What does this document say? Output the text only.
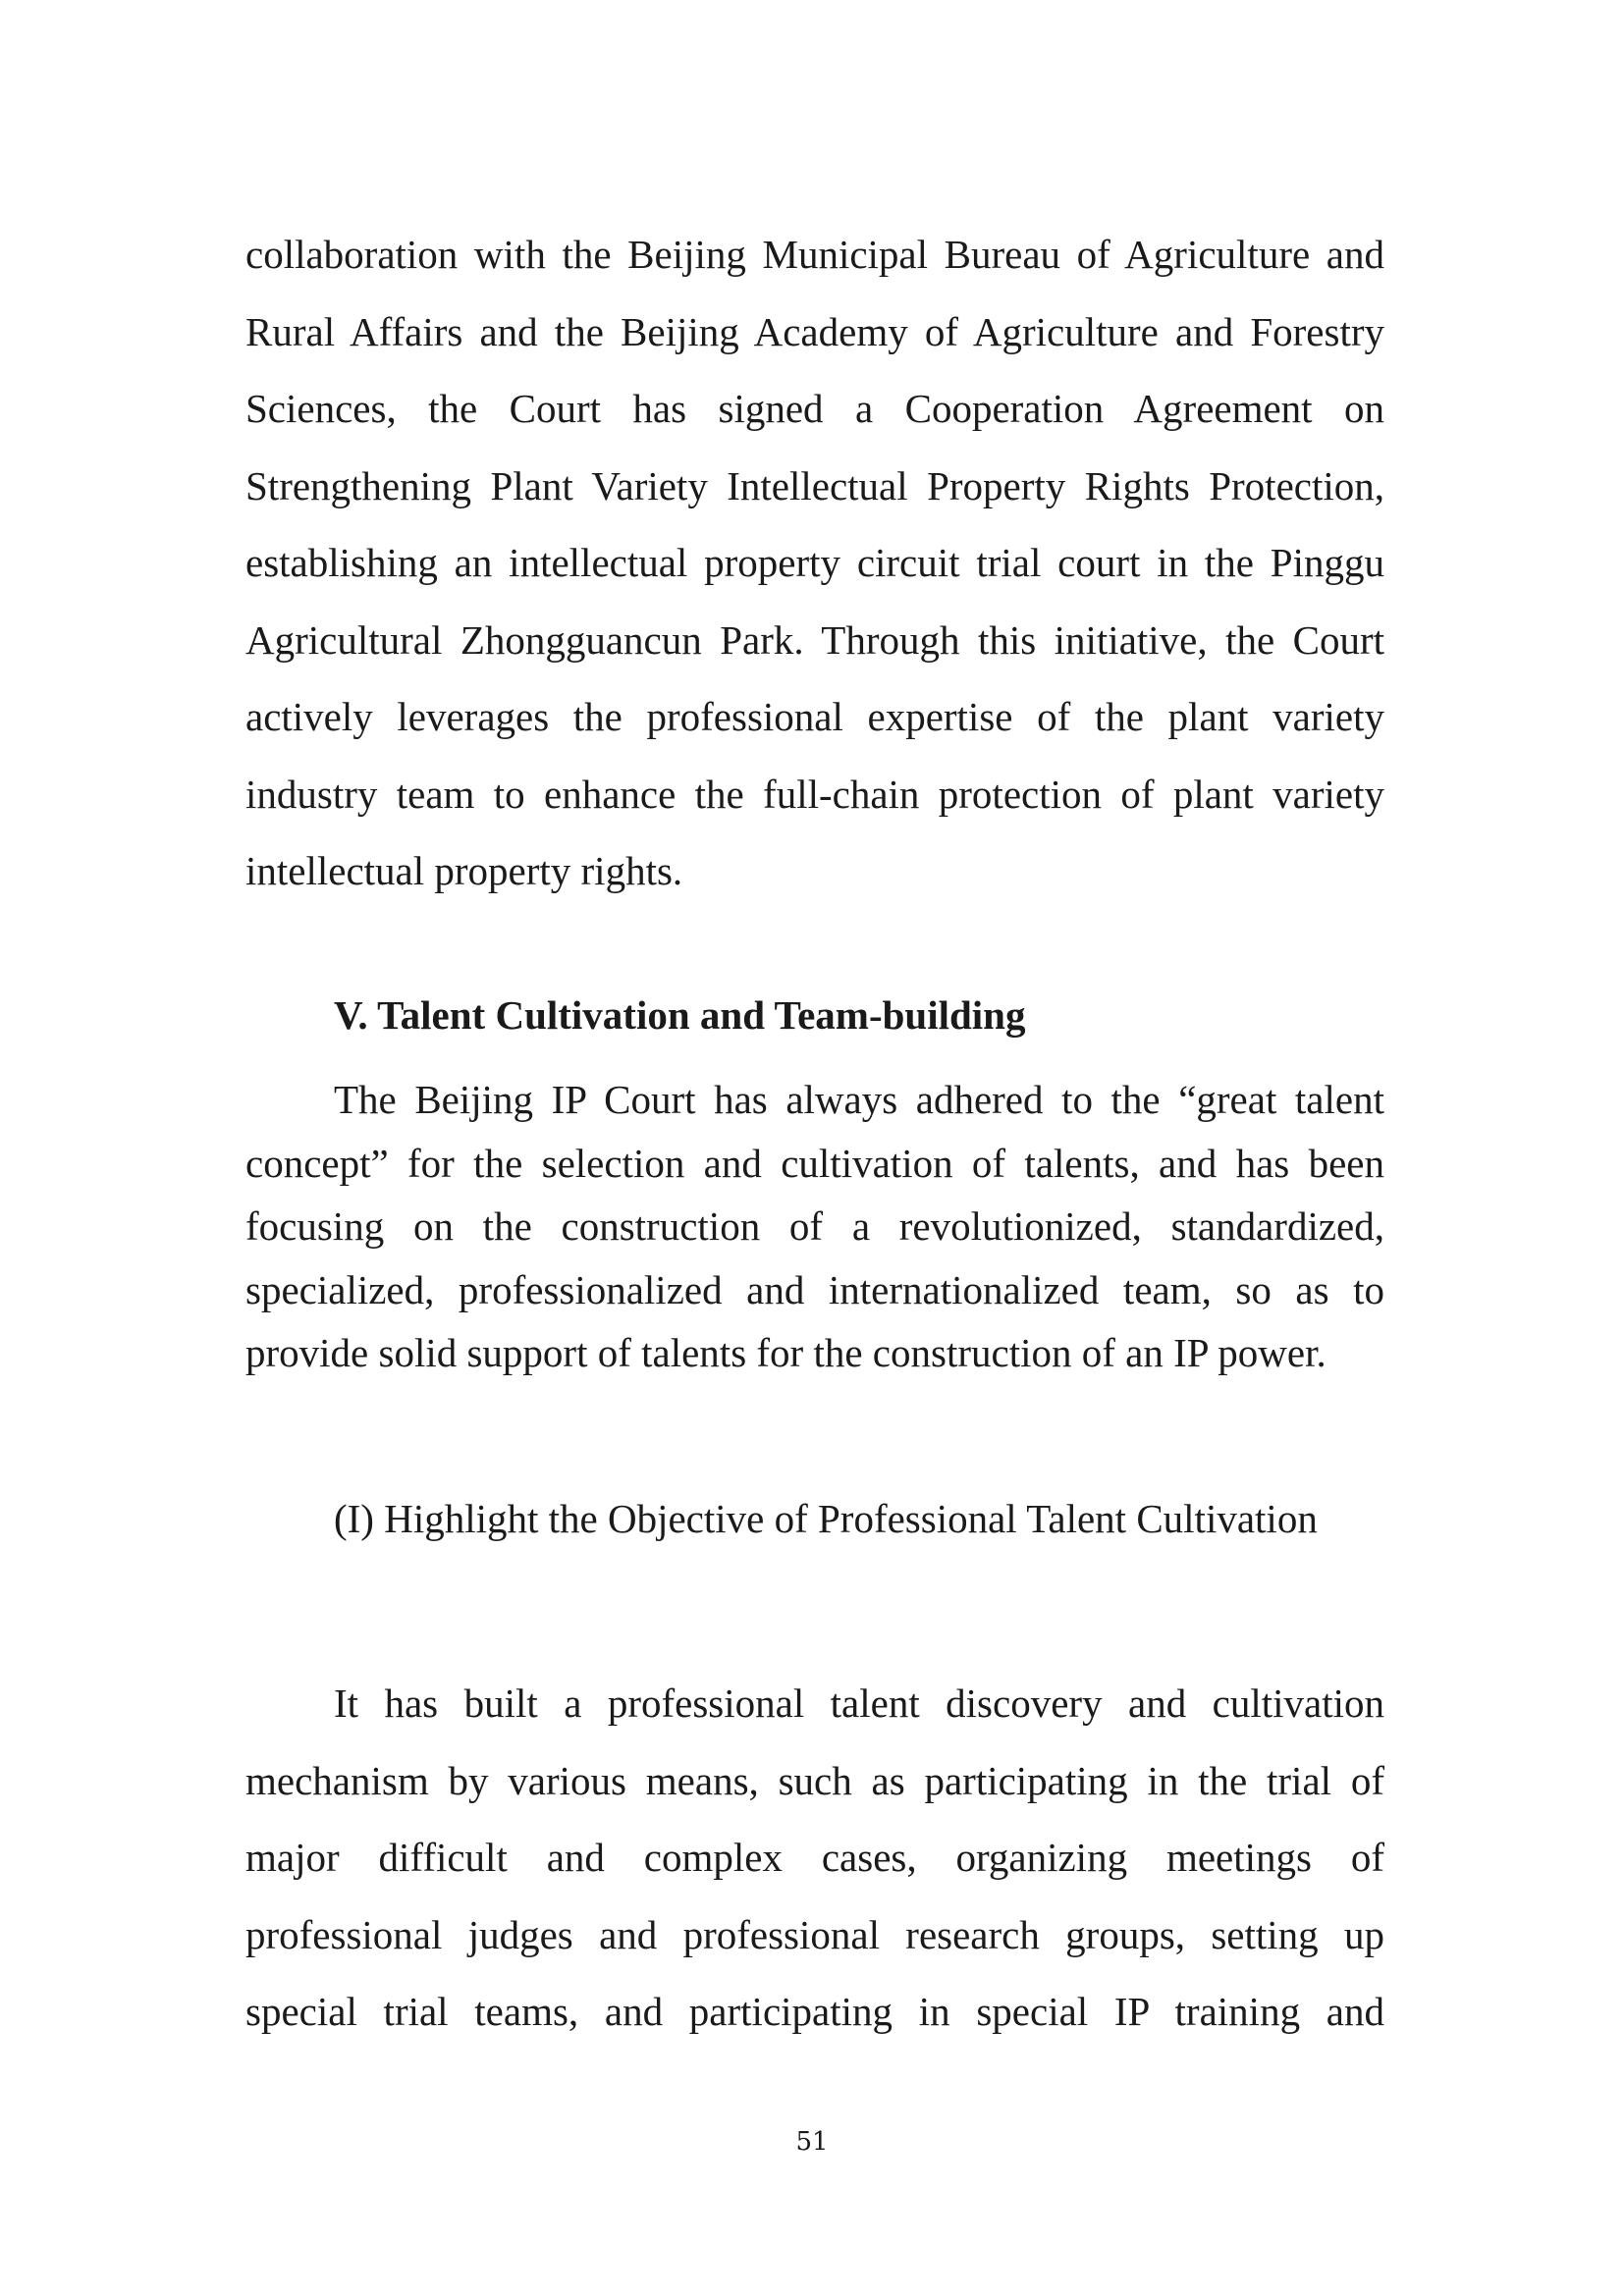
collaboration with the Beijing Municipal Bureau of Agriculture and Rural Affairs and the Beijing Academy of Agriculture and Forestry Sciences, the Court has signed a Cooperation Agreement on Strengthening Plant Variety Intellectual Property Rights Protection, establishing an intellectual property circuit trial court in the Pinggu Agricultural Zhongguancun Park. Through this initiative, the Court actively leverages the professional expertise of the plant variety industry team to enhance the full-chain protection of plant variety intellectual property rights.

V. Talent Cultivation and Team-building

The Beijing IP Court has always adhered to the “great talent concept” for the selection and cultivation of talents, and has been focusing on the construction of a revolutionized, standardized, specialized, professionalized and internationalized team, so as to provide solid support of talents for the construction of an IP power.

(I) Highlight the Objective of Professional Talent Cultivation

It has built a professional talent discovery and cultivation mechanism by various means, such as participating in the trial of major difficult and complex cases, organizing meetings of professional judges and professional research groups, setting up special trial teams, and participating in special IP training and

51
